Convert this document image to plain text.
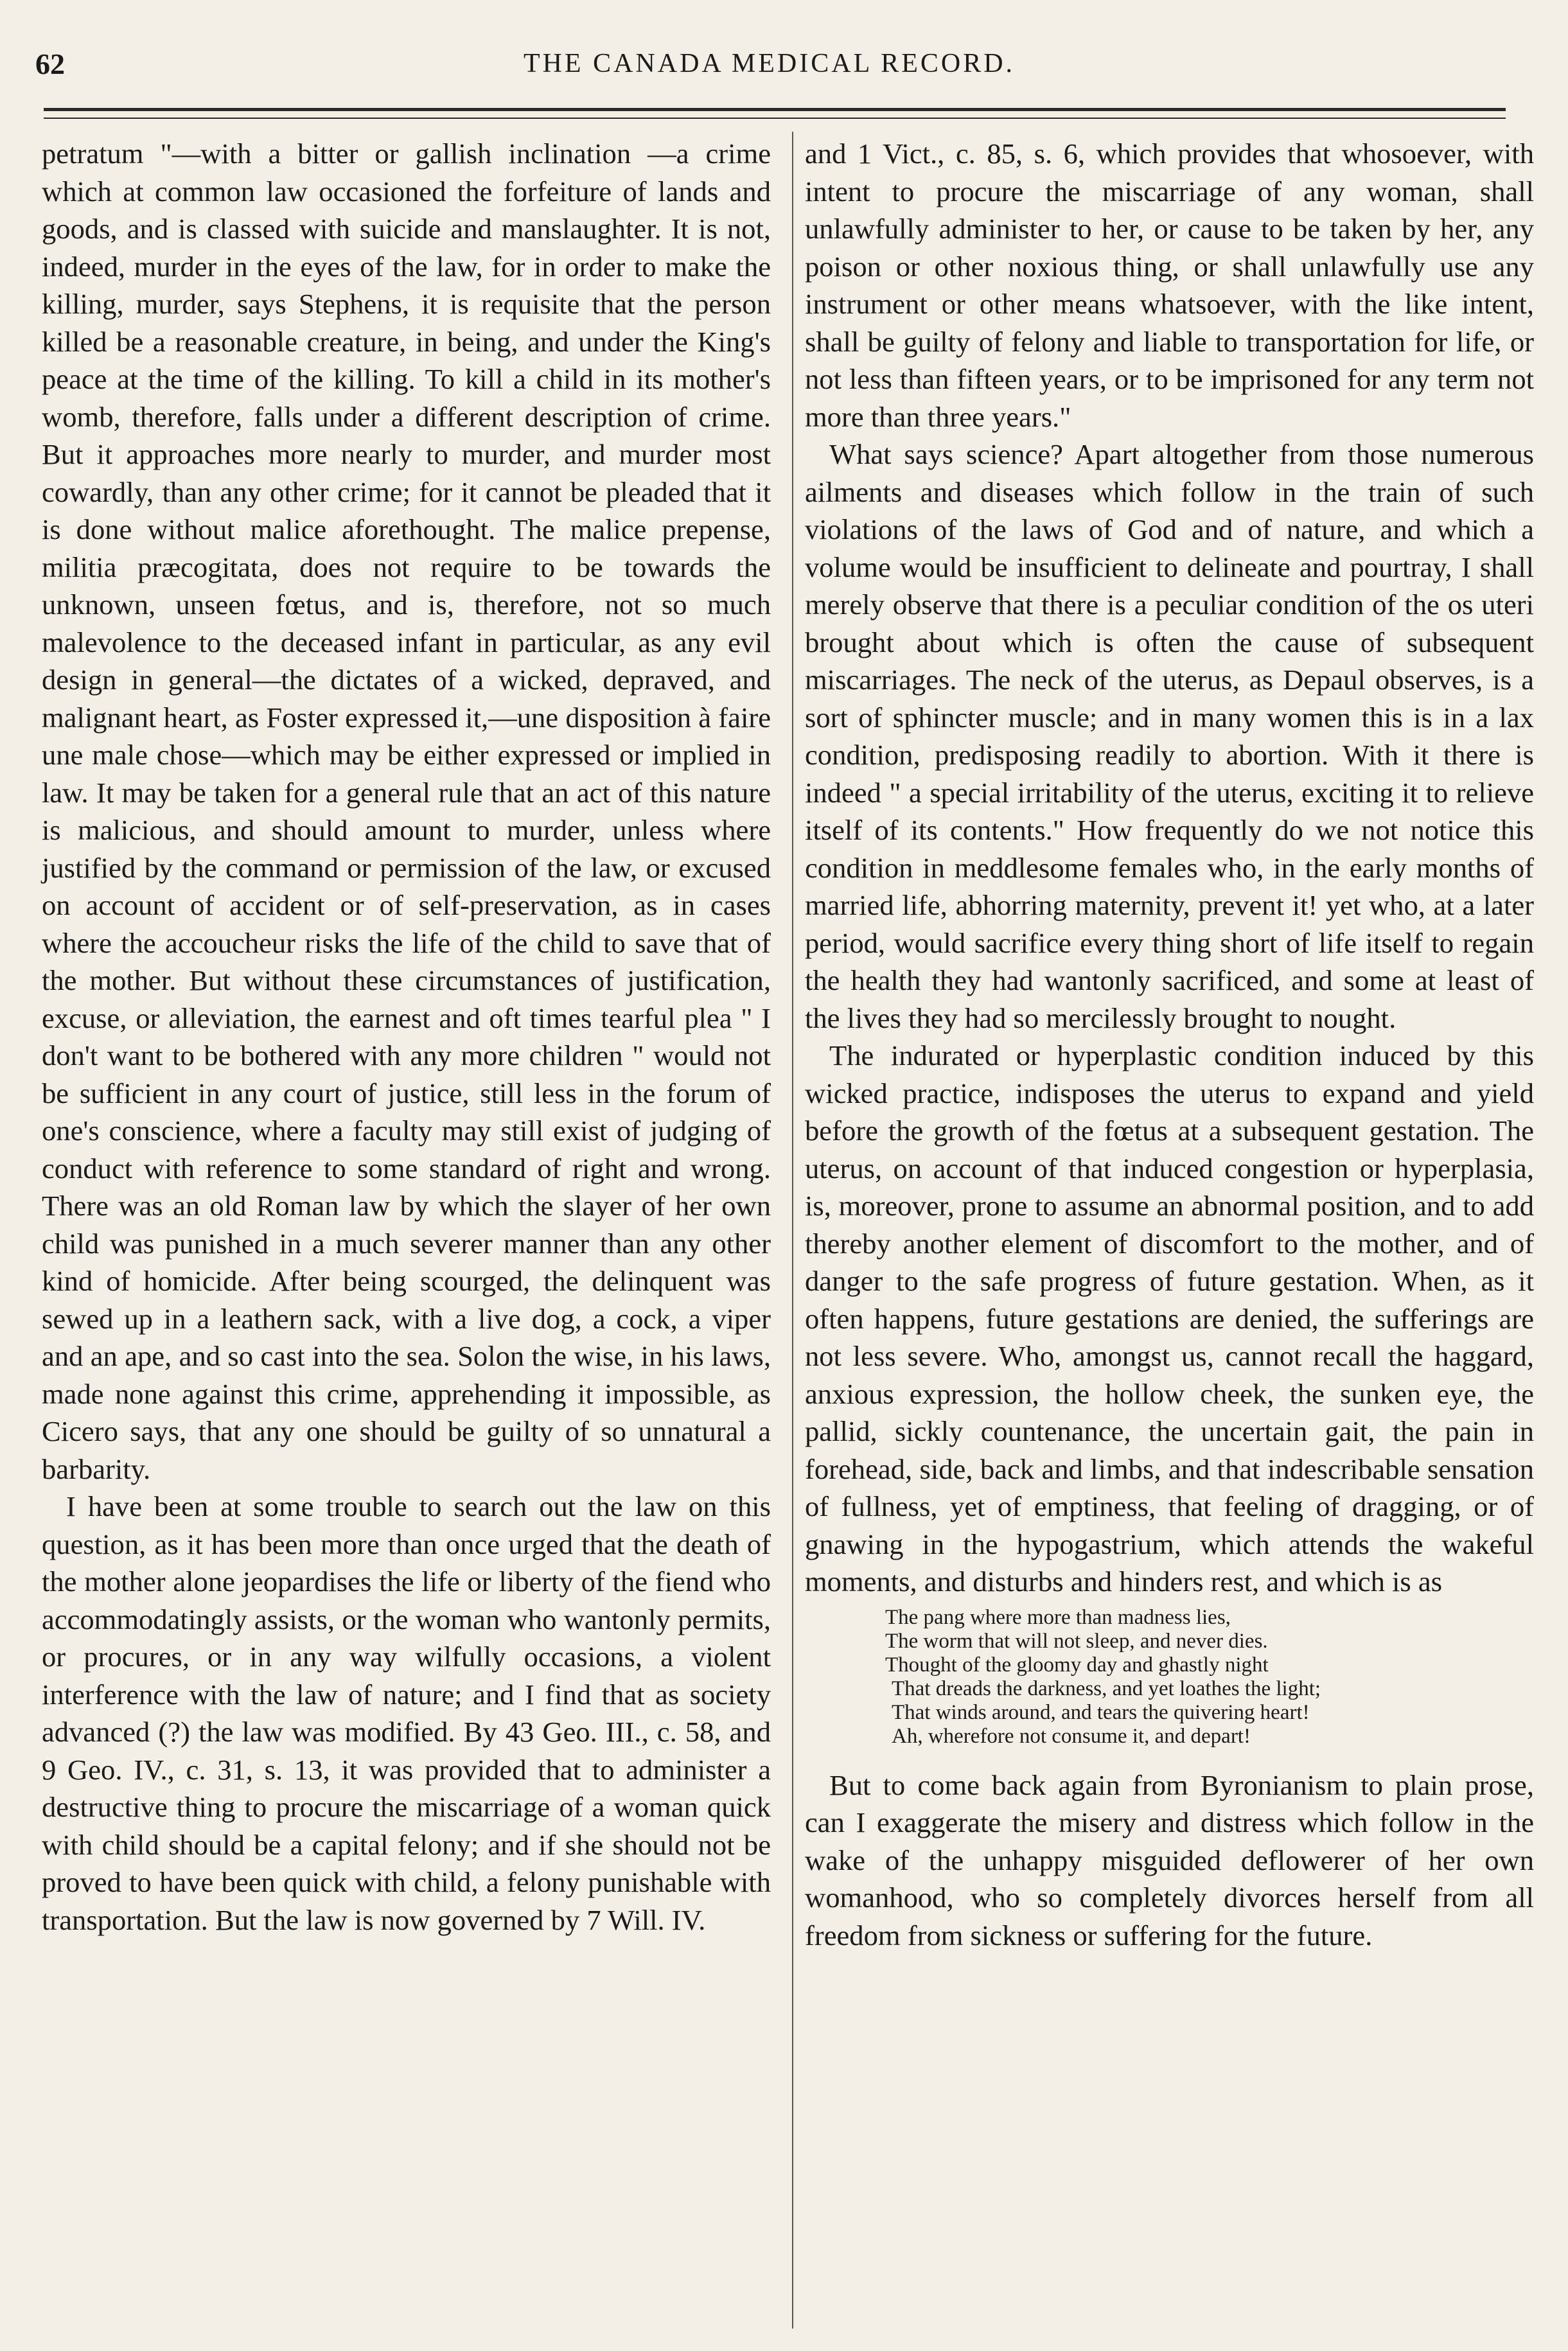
62	THE CANADA MEDICAL RECORD.

petratum "—with a bitter or gallish inclination —a crime which at common law occasioned the forfeiture of lands and goods, and is classed with suicide and manslaughter. It is not, indeed, murder in the eyes of the law, for in order to make the killing, murder, says Stephens, it is requisite that the person killed be a reasonable creature, in being, and under the King's peace at the time of the killing. To kill a child in its mother's womb, therefore, falls under a different description of crime. But it approaches more nearly to murder, and murder most cowardly, than any other crime; for it cannot be pleaded that it is done without malice aforethought. The malice prepense, militia præcogitata, does not require to be towards the unknown, unseen fœtus, and is, therefore, not so much malevolence to the deceased infant in particular, as any evil design in general—the dictates of a wicked, depraved, and malignant heart, as Foster expressed it,—une disposition à faire une male chose—which may be either expressed or implied in law. It may be taken for a general rule that an act of this nature is malicious, and should amount to murder, unless where justified by the command or permission of the law, or excused on account of accident or of self-preservation, as in cases where the accoucheur risks the life of the child to save that of the mother. But without these circumstances of justification, excuse, or alleviation, the earnest and oft times tearful plea " I don't want to be bothered with any more children " would not be sufficient in any court of justice, still less in the forum of one's conscience, where a faculty may still exist of judging of conduct with reference to some standard of right and wrong. There was an old Roman law by which the slayer of her own child was punished in a much severer manner than any other kind of homicide. After being scourged, the delinquent was sewed up in a leathern sack, with a live dog, a cock, a viper and an ape, and so cast into the sea. Solon the wise, in his laws, made none against this crime, apprehending it impossible, as Cicero says, that any one should be guilty of so unnatural a barbarity.

I have been at some trouble to search out the law on this question, as it has been more than once urged that the death of the mother alone jeopardises the life or liberty of the fiend who accommodatingly assists, or the woman who wantonly permits, or procures, or in any way wilfully occasions, a violent interference with the law of nature; and I find that as society advanced (?) the law was modified. By 43 Geo. III., c. 58, and 9 Geo. IV., c. 31, s. 13, it was provided that to administer a destructive thing to procure the miscarriage of a woman quick with child should be a capital felony; and if she should not be proved to have been quick with child, a felony punishable with transportation. But the law is now governed by 7 Will. IV.

and 1 Vict., c. 85, s. 6, which provides that whosoever, with intent to procure the miscarriage of any woman, shall unlawfully administer to her, or cause to be taken by her, any poison or other noxious thing, or shall unlawfully use any instrument or other means whatsoever, with the like intent, shall be guilty of felony and liable to transportation for life, or not less than fifteen years, or to be imprisoned for any term not more than three years."

What says science? Apart altogether from those numerous ailments and diseases which follow in the train of such violations of the laws of God and of nature, and which a volume would be insufficient to delineate and pourtray, I shall merely observe that there is a peculiar condition of the os uteri brought about which is often the cause of subsequent miscarriages. The neck of the uterus, as Depaul observes, is a sort of sphincter muscle; and in many women this is in a lax condition, predisposing readily to abortion. With it there is indeed " a special irritability of the uterus, exciting it to relieve itself of its contents." How frequently do we not notice this condition in meddlesome females who, in the early months of married life, abhorring maternity, prevent it! yet who, at a later period, would sacrifice every thing short of life itself to regain the health they had wantonly sacrificed, and some at least of the lives they had so mercilessly brought to nought.

The indurated or hyperplastic condition induced by this wicked practice, indisposes the uterus to expand and yield before the growth of the fœtus at a subsequent gestation. The uterus, on account of that induced congestion or hyperplasia, is, moreover, prone to assume an abnormal position, and to add thereby another element of discomfort to the mother, and of danger to the safe progress of future gestation. When, as it often happens, future gestations are denied, the sufferings are not less severe. Who, amongst us, cannot recall the haggard, anxious expression, the hollow cheek, the sunken eye, the pallid, sickly countenance, the uncertain gait, the pain in forehead, side, back and limbs, and that indescribable sensation of fullness, yet of emptiness, that feeling of dragging, or of gnawing in the hypogastrium, which attends the wakeful moments, and disturbs and hinders rest, and which is as

The pang where more than madness lies,
The worm that will not sleep, and never dies.
Thought of the gloomy day and ghastly night
That dreads the darkness, and yet loathes the light;
That winds around, and tears the quivering heart!
Ah, wherefore not consume it, and depart!

But to come back again from Byronianism to plain prose, can I exaggerate the misery and distress which follow in the wake of the unhappy misguided deflowerer of her own womanhood, who so completely divorces herself from all freedom from sickness or suffering for the future.
